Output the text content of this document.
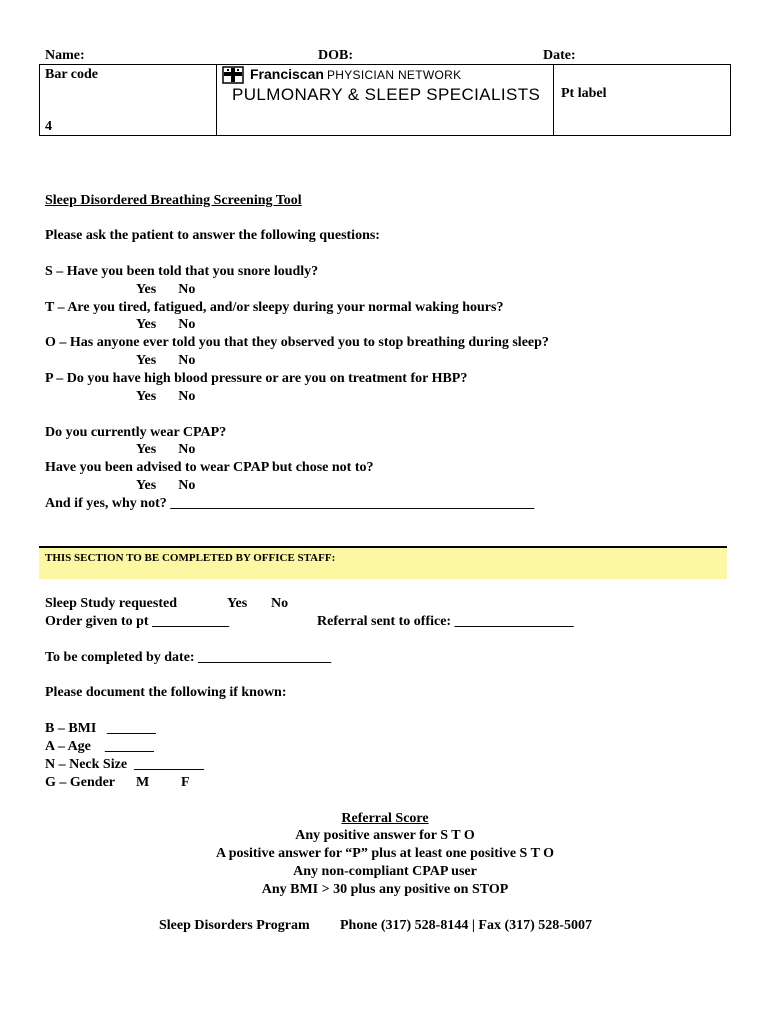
Name:	DOB:	Date:
Bar code
4
Pt label
Franciscan PHYSICIAN NETWORK
PULMONARY & SLEEP SPECIALISTS
Sleep Disordered Breathing Screening Tool
Please ask the patient to answer the following questions:
S – Have you been told that you snore loudly?
Yes No
T – Are you tired, fatigued, and/or sleepy during your normal waking hours?
Yes No
O – Has anyone ever told you that they observed you to stop breathing during sleep?
Yes No
P – Do you have high blood pressure or are you on treatment for HBP?
Yes No
Do you currently wear CPAP?
Yes No
Have you been advised to wear CPAP but chose not to?
Yes No
And if yes, why not? ____________________________________________________
THIS SECTION TO BE COMPLETED BY OFFICE STAFF:
Sleep Study requested	Yes No
Order given to pt ___________	Referral sent to office: _________________
To be completed by date: ___________________
Please document the following if known:
B – BMI   _______
A – Age    _______
N – Neck Size  __________
G – Gender M F
Referral Score
Any positive answer for S T O
A positive answer for “P” plus at least one positive S T O
Any non-compliant CPAP user
Any BMI > 30 plus any positive on STOP
Sleep Disorders Program Phone (317) 528-8144 | Fax (317) 528-5007
